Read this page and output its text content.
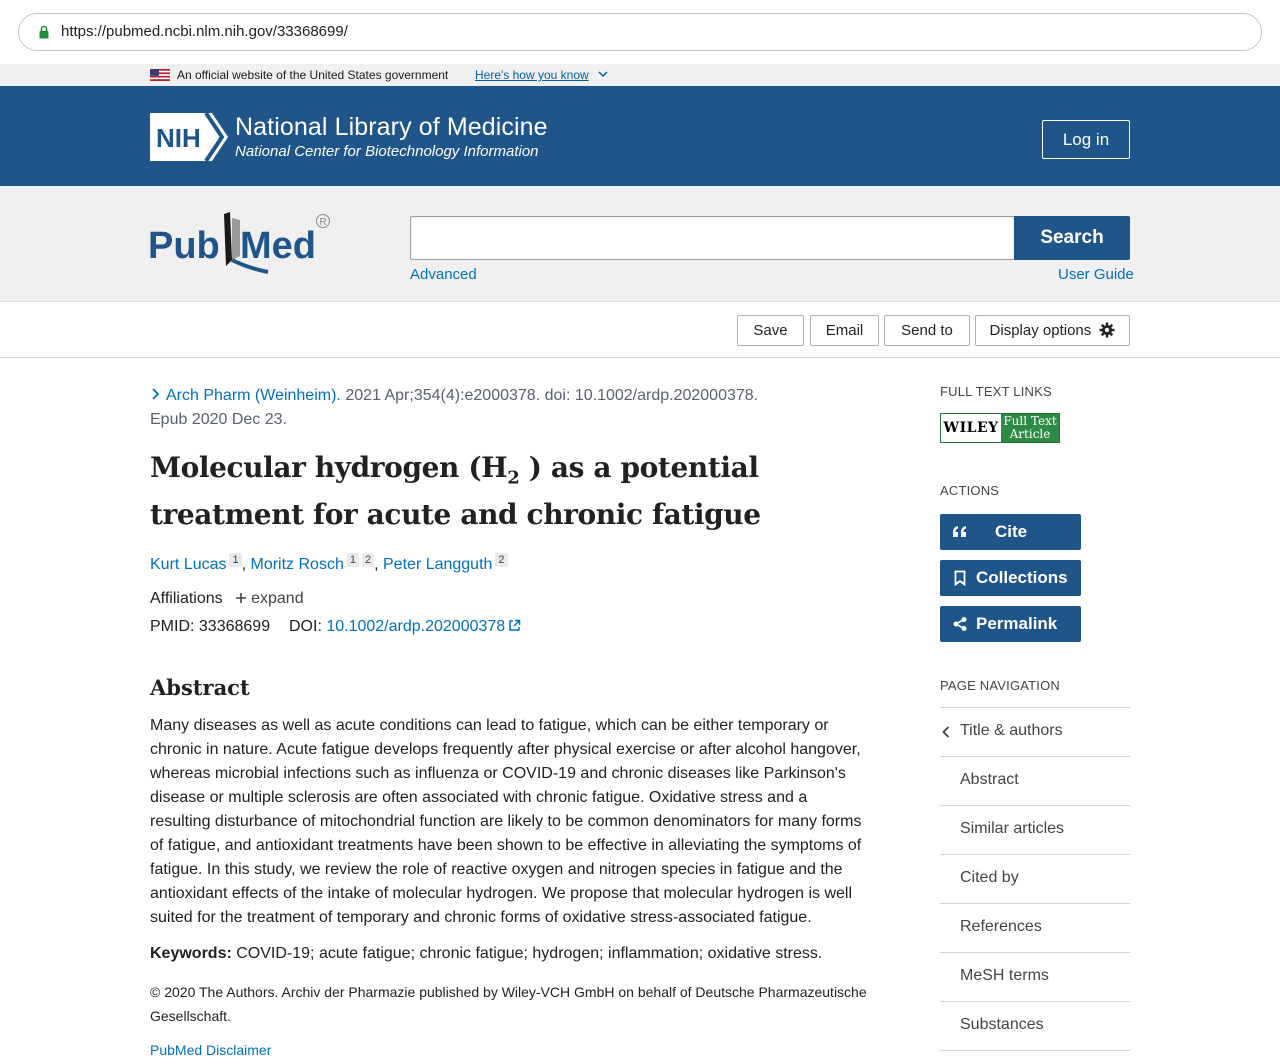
https://pubmed.ncbi.nlm.nih.gov/33368699/
An official website of the United States government Here's how you know
NIH National Library of Medicine
National Center for Biotechnology Information
Log in
Pub Med
R
Search
Advanced	User Guide
Save	Email	Send to	Display options
Arch Pharm (Weinheim). 2021 Apr;354(4):e2000378. doi: 10.1002/ardp.202000378.
Epub 2020 Dec 23.
Molecular hydrogen ($H_2$ ) as a potential treatment for acute and chronic fatigue
Kurt Lucas 1 , Moritz Rosch 1 2 , Peter Langguth 2
Affiliations expand
PMID: 33368699 DOI: 10.1002/ardp.202000378
Abstract

Many diseases as well as acute conditions can lead to fatigue, which can be either temporary or chronic in nature. Acute fatigue develops frequently after physical exercise or after alcohol hangover, whereas microbial infections such as influenza or COVID-19 and chronic diseases like Parkinson's disease or multiple sclerosis are often associated with chronic fatigue. Oxidative stress and a resulting disturbance of mitochondrial function are likely to be common denominators for many forms of fatigue, and antioxidant treatments have been shown to be effective in alleviating the symptoms of fatigue. In this study, we review the role of reactive oxygen and nitrogen species in fatigue and the antioxidant effects of the intake of molecular hydrogen. We propose that molecular hydrogen is well suited for the treatment of temporary and chronic forms of oxidative stress-associated fatigue.

Keywords: COVID-19; acute fatigue; chronic fatigue; hydrogen; inflammation; oxidative stress.

© 2020 The Authors. Archiv der Pharmazie published by Wiley-VCH GmbH on behalf of Deutsche Pharmazeutische Gesellschaft.

PubMed Disclaimer
FULL TEXT LINKS
WILEY Full Text
Article
ACTIONS
Cite
Collections
Permalink
PAGE NAVIGATION
Title & authors
Abstract
Similar articles
Cited by
References
MeSH terms
Substances
